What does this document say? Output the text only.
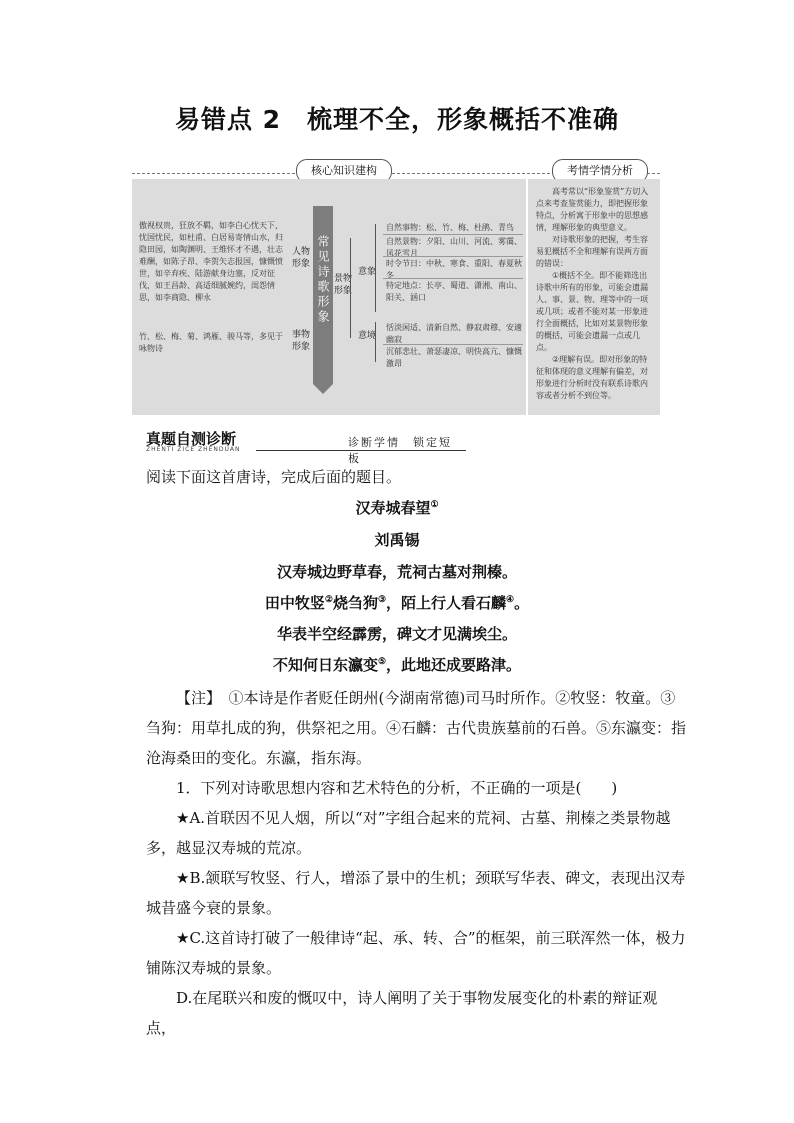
易错点 2　梳理不全，形象概括不准确
核心知识建构	考情学情分析
傲视权贵，狂放不羁，如李白心忧天下，忧国忧民，如杜甫、白居易寄情山水，归隐田园，如陶渊明、王维怀才不遇，壮志难酬，如陈子昂、李贺矢志报国，慷慨愤世，如辛弃疾、陆游献身边塞，反对征伐，如王昌龄、高适细腻婉约，闺怨情思，如李商隐、柳永
竹、松、梅、菊、鸿雁、骏马等，多见于咏物诗
人物形象
事物形象
常见诗歌形象 景物形象
意象
意境
自然事物：松、竹、梅、杜鹃、青鸟
自然景物：夕阳、山川、河流、雾霭、风花雪月
时令节日：中秋、寒食、重阳、春夏秋冬
特定地点：长亭、蜀道、潇湘、南山、阳关、涵口
恬淡闲适、清新自然、静寂肃穆、安適幽寂
沉郁悲壮、萧瑟凄凉、明快高亢、慷慨激昂

高考常以“形象鉴赏”方切入点来考查鉴赏能力，即把握形象特点，分析寓于形象中的思想感情，理解形象的典型意义。

对诗歌形象的把握，考生容易犯概括不全和理解有误两方面的错误：

①概括不全。即不能筛选出诗歌中所有的形象，可能会遗漏人、事、景、物、理等中的一项或几项；或者不能对某一形象进行全面概括，比如对某景物形象的概括，可能会遗漏一点或几点。

②理解有误。即对形象的特征和体现的意义理解有偏差，对形象进行分析时没有联系诗歌内容或者分析不到位等。

真题自测诊断
ZHENTI ZICE ZHENDUAN
诊断学情　锁定短板
阅读下面这首唐诗，完成后面的题目。
汉寿城春望①
刘禹锡
汉寿城边野草春，荒祠古墓对荆榛。
田中牧竖②烧刍狗③，陌上行人看石麟④。
华表半空经霹雳，碑文才见满埃尘。
不知何日东瀛变⑤，此地还成要路津。
【注】　①本诗是作者贬任朗州(今湖南常德)司马时所作。②牧竖：牧童。③刍狗：用草扎成的狗，供祭祀之用。④石麟：古代贵族墓前的石兽。⑤东瀛变：指沧海桑田的变化。东瀛，指东海。
1．下列对诗歌思想内容和艺术特色的分析，不正确的一项是(　　)
★A.首联因不见人烟，所以“对”字组合起来的荒祠、古墓、荆榛之类景物越多，越显汉寿城的荒凉。
★B.颔联写牧竖、行人，增添了景中的生机；颈联写华表、碑文，表现出汉寿城昔盛今衰的景象。
★C.这首诗打破了一般律诗“起、承、转、合”的框架，前三联浑然一体，极力铺陈汉寿城的景象。
D.在尾联兴和废的慨叹中，诗人阐明了关于事物发展变化的朴素的辩证观点，
